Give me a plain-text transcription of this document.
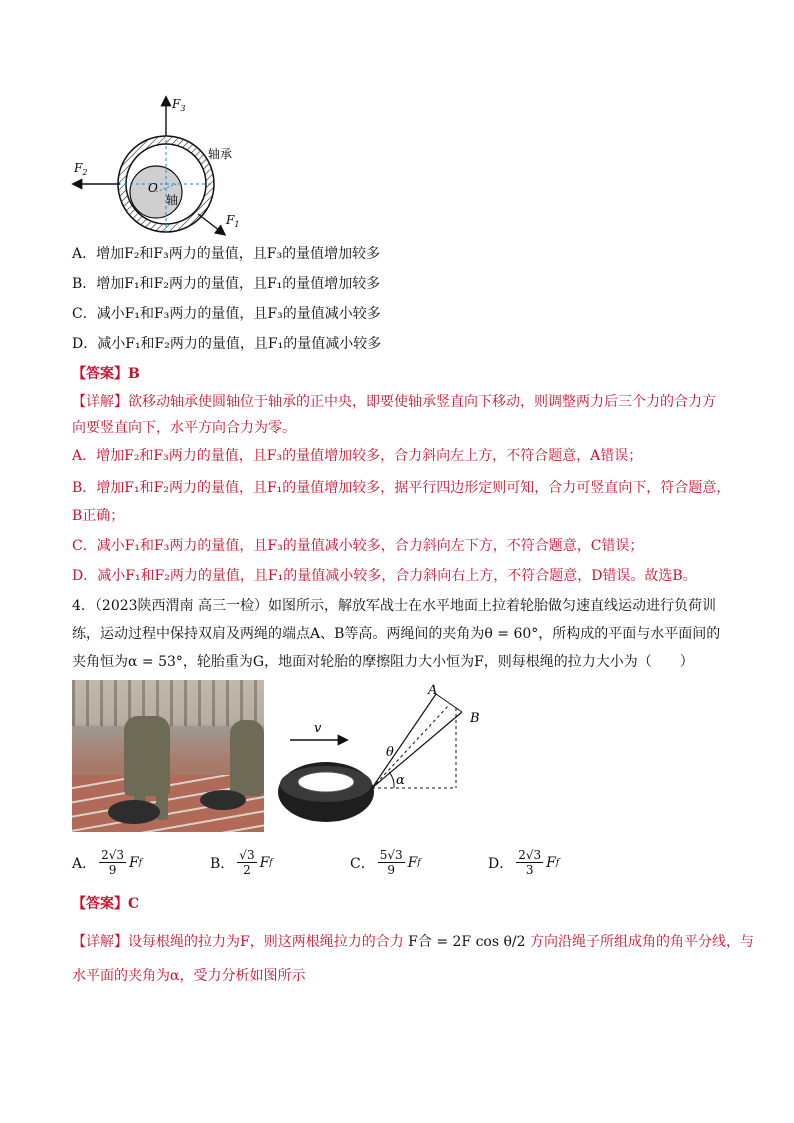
$F_3$
$F_2$
$F_1$
O
轴承
轴
A．增加F₂和F₃两力的量值，且F₃的量值增加较多
B．增加F₁和F₂两力的量值，且F₁的量值增加较多
C．减小F₁和F₃两力的量值，且F₃的量值减小较多
D．减小F₁和F₂两力的量值，且F₁的量值减小较多
【答案】B
【详解】欲移动轴承使圆轴位于轴承的正中央，即要使轴承竖直向下移动，则调整两力后三个力的合力方
向要竖直向下，水平方向合力为零。
A．增加F₂和F₃两力的量值，且F₃的量值增加较多，合力斜向左上方，不符合题意，A错误；
B．增加F₁和F₂两力的量值，且F₁的量值增加较多，据平行四边形定则可知，合力可竖直向下，符合题意，
B正确；
C．减小F₁和F₃两力的量值，且F₃的量值减小较多，合力斜向左下方，不符合题意，C错误；
D．减小F₁和F₂两力的量值，且F₁的量值减小较多，合力斜向右上方，不符合题意，D错误。故选B。
4．（2023陕西渭南 高三一检）如图所示，解放军战士在水平地面上拉着轮胎做匀速直线运动进行负荷训
练，运动过程中保持双肩及两绳的端点A、B等高。两绳间的夹角为θ = 60°，所构成的平面与水平面间的
夹角恒为α = 53°，轮胎重为G，地面对轮胎的摩擦阻力大小恒为F，则每根绳的拉力大小为（　　）
v
A
B
θ
α
A． $\frac{2√3}{9}$ F f	B． $\frac{√3}{2}$ F f	C． $\frac{5√3}{9}$ F f	D． $\frac{2√3}{3}$ F f
【答案】C
【详解】设每根绳的拉力为F，则这两根绳拉力的合力 F合 = 2F cos θ/2 方向沿绳子所组成角的角平分线，与
水平面的夹角为α，受力分析如图所示
